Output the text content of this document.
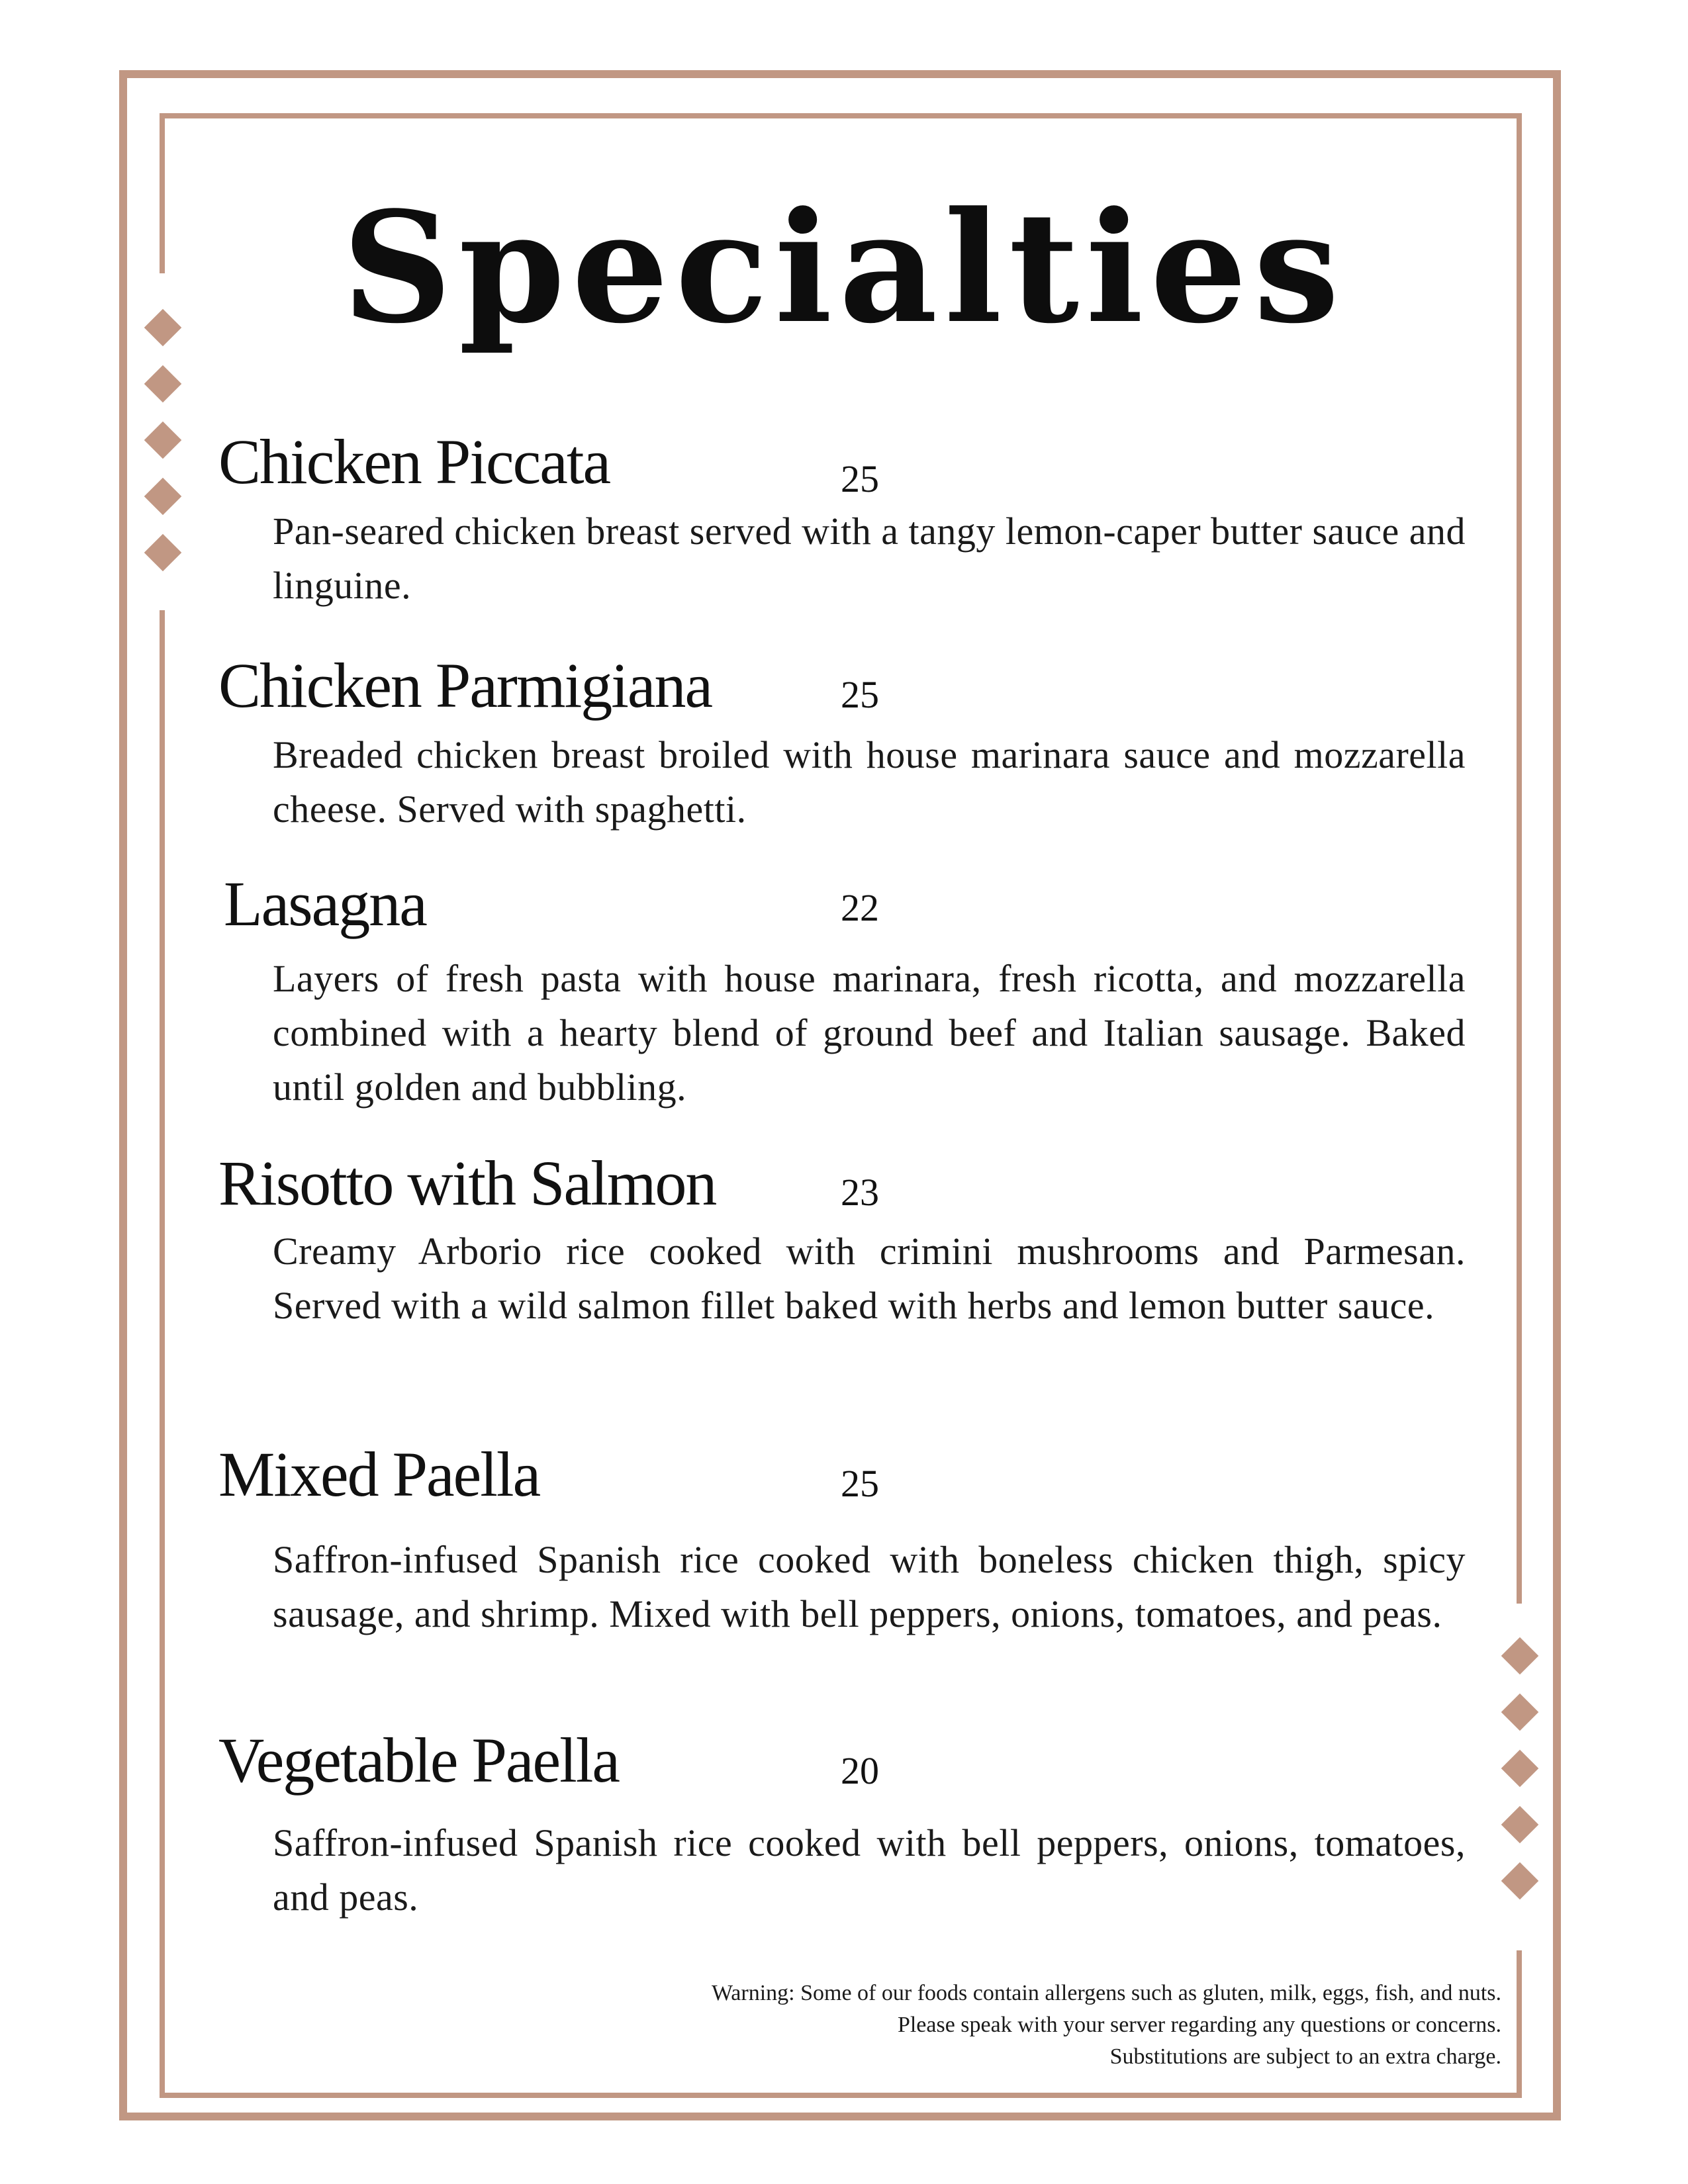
Specialties
Chicken Piccata	25
Pan-seared chicken breast served with a tangy lemon-caper butter sauce and linguine.
Chicken Parmigiana	25
Breaded chicken breast broiled with house marinara sauce and mozzarella cheese. Served with spaghetti.
Lasagna	22
Layers of fresh pasta with house marinara, fresh ricotta, and mozzarella combined with a hearty blend of ground beef and Italian sausage. Baked until golden and bubbling.
Risotto with Salmon	23
Creamy Arborio rice cooked with crimini mushrooms and Parmesan. Served with a wild salmon fillet baked with herbs and lemon butter sauce.
Mixed Paella	25
Saffron-infused Spanish rice cooked with boneless chicken thigh, spicy sausage, and shrimp. Mixed with bell peppers, onions, tomatoes, and peas.
Vegetable Paella	20
Saffron-infused Spanish rice cooked with bell peppers, onions, tomatoes, and peas.
Warning: Some of our foods contain allergens such as gluten, milk, eggs, fish, and nuts.
Please speak with your server regarding any questions or concerns.
Substitutions are subject to an extra charge.
